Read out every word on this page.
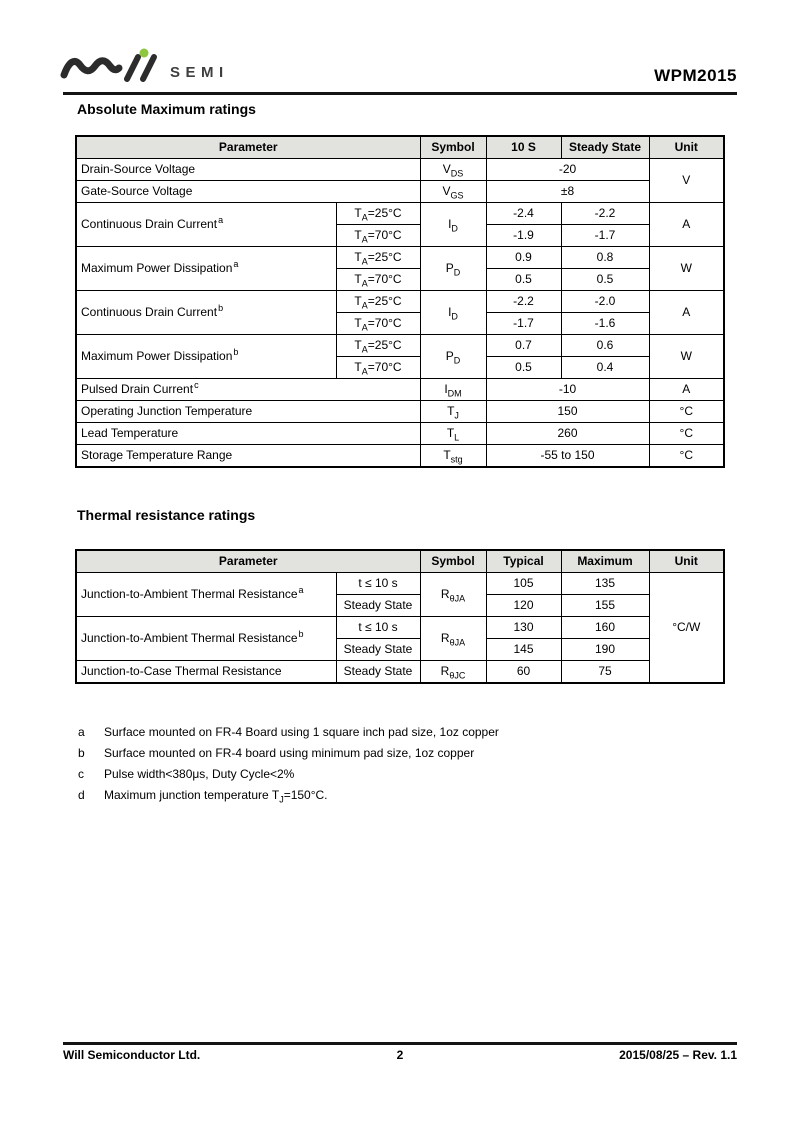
SEMI	WPM2015
Absolute Maximum ratings
Parameter		Symbol	10 S	Steady State	Unit
Drain-Source Voltage		$V_{DS}$	-20		V
Gate-Source Voltage		$V_{GS}$	±8		
Continuous Drain Current$^a$	$T_A=25^\circ C$	$I_D$	-2.4	-2.2	A
	$T_A=70^\circ C$		-1.9	-1.7	
Maximum Power Dissipation$^a$	$T_A=25^\circ C$	$P_D$	0.9	0.8	W
	$T_A=70^\circ C$		0.5	0.5	
Continuous Drain Current$^b$	$T_A=25^\circ C$	$I_D$	-2.2	-2.0	A
	$T_A=70^\circ C$		-1.7	-1.6	
Maximum Power Dissipation$^b$	$T_A=25^\circ C$	$P_D$	0.7	0.6	W
	$T_A=70^\circ C$		0.5	0.4	
Pulsed Drain Current$^c$		$I_{DM}$	-10		A
Operating Junction Temperature		$T_J$	150		°C
Lead Temperature		$T_L$	260		°C
Storage Temperature Range		$T_{stg}$	-55 to 150		°C
Thermal resistance ratings
Parameter		Symbol	Typical	Maximum	Unit
Junction-to-Ambient Thermal Resistance$^a$	t ≤ 10 s	$R_{\theta JA}$	105	135	°C/W
	Steady State		120	155	
Junction-to-Ambient Thermal Resistance$^b$	t ≤ 10 s	$R_{\theta JA}$	130	160	
	Steady State		145	190	
Junction-to-Case Thermal Resistance	Steady State	$R_{\theta JC}$	60	75	
a Surface mounted on FR-4 Board using 1 square inch pad size, 1oz copper
b Surface mounted on FR-4 board using minimum pad size, 1oz copper
c Pulse width<380μs, Duty Cycle<2%
d Maximum junction temperature $T_J=150^\circ C$.
2
Will Semiconductor Ltd.	2015/08/25 – Rev. 1.1
